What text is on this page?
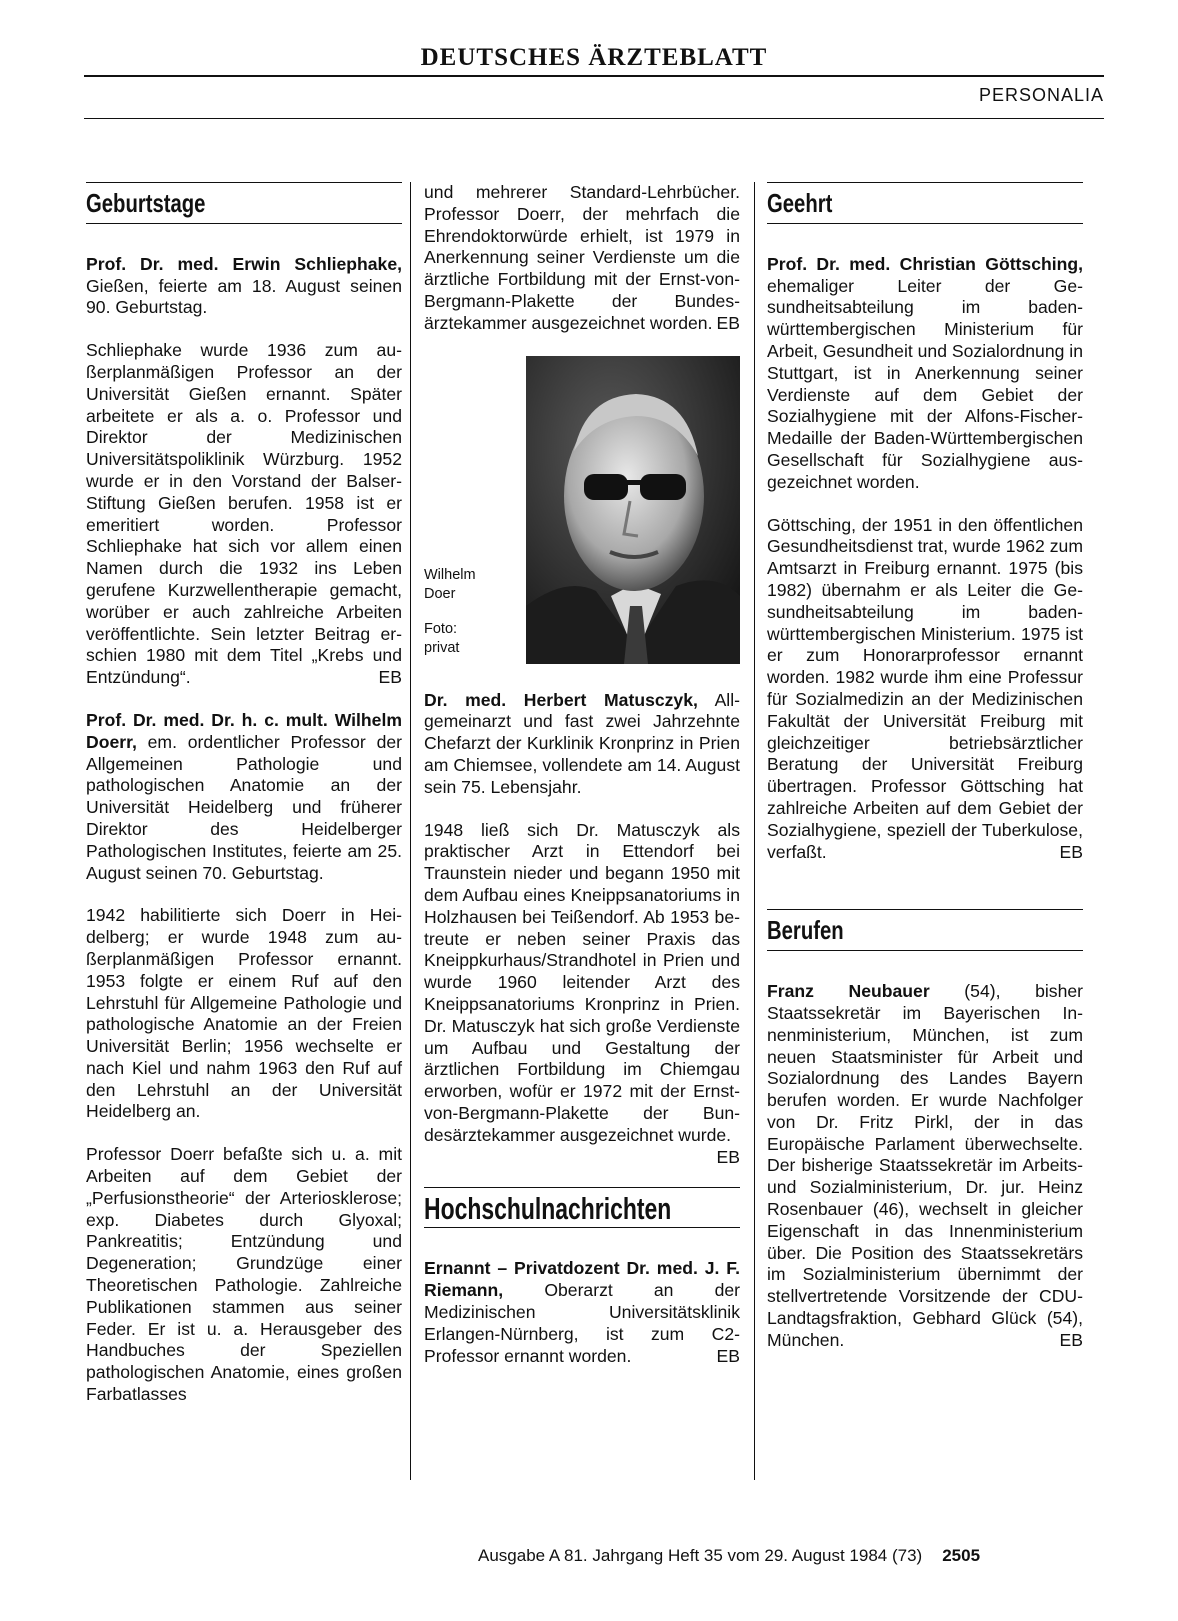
DEUTSCHES ÄRZTEBLATT
PERSONALIA
Geburtstage

Prof. Dr. med. Erwin Schliephake, Gießen, feierte am 18. August seinen 90. Geburtstag.

Schliephake wurde 1936 zum außerplanmäßigen Professor an der Universität Gießen ernannt. Später arbeitete er als a. o. Professor und Direktor der Medizinischen Universitätspoliklinik Würzburg. 1952 wurde er in den Vorstand der Balser-Stiftung Gießen berufen. 1958 ist er emeritiert worden. Professor Schliephake hat sich vor allem einen Namen durch die 1932 ins Leben gerufene Kurzwellentherapie gemacht, worüber er auch zahlreiche Arbeiten veröffentlichte. Sein letzter Beitrag erschien 1980 mit dem Titel „Krebs und Entzündung“.	EB

Prof. Dr. med. Dr. h. c. mult. Wilhelm Doerr, em. ordentlicher Professor der Allgemeinen Pathologie und pathologischen Anatomie an der Universität Heidelberg und früherer Direktor des Heidelberger Pathologischen Institutes, feierte am 25. August seinen 70. Geburtstag.

1942 habilitierte sich Doerr in Heidelberg; er wurde 1948 zum außerplanmäßigen Professor ernannt. 1953 folgte er einem Ruf auf den Lehrstuhl für Allgemeine Pathologie und pathologische Anatomie an der Freien Universität Berlin; 1956 wechselte er nach Kiel und nahm 1963 den Ruf auf den Lehrstuhl an der Universität Heidelberg an.

Professor Doerr befaßte sich u. a. mit Arbeiten auf dem Gebiet der „Perfusionstheorie“ der Arteriosklerose; exp. Diabetes durch Glyoxal; Pankreatitis; Entzündung und Degeneration; Grundzüge einer Theoretischen Pathologie. Zahlreiche Publikationen stammen aus seiner Feder. Er ist u. a. Herausgeber des Handbuches der Speziellen pathologischen Anatomie, eines großen Farbatlasses

und mehrerer Standard-Lehrbücher. Professor Doerr, der mehrfach die Ehrendoktorwürde erhielt, ist 1979 in Anerkennung seiner Verdienste um die ärztliche Fortbildung mit der Ernst-von-Bergmann-Plakette der Bundesärztekammer ausgezeichnet worden. EB

Wilhelm
Doer
Foto:
privat

Dr. med. Herbert Matusczyk, Allgemeinarzt und fast zwei Jahrzehnte Chefarzt der Kurklinik Kronprinz in Prien am Chiemsee, vollendete am 14. August sein 75. Lebensjahr.

1948 ließ sich Dr. Matusczyk als praktischer Arzt in Ettendorf bei Traunstein nieder und begann 1950 mit dem Aufbau eines Kneippsanatoriums in Holzhausen bei Teißendorf. Ab 1953 betreute er neben seiner Praxis das Kneippkurhaus/Strandhotel in Prien und wurde 1960 leitender Arzt des Kneippsanatoriums Kronprinz in Prien. Dr. Matusczyk hat sich große Verdienste um Aufbau und Gestaltung der ärztlichen Fortbildung im Chiemgau erworben, wofür er 1972 mit der Ernst-von-Bergmann-Plakette der Bundesärztekammer ausgezeichnet wurde.
EB

Hochschulnachrichten

Ernannt – Privatdozent Dr. med. J. F. Riemann, Oberarzt an der Medizinischen Universitätsklinik Erlangen-Nürnberg, ist zum C2-Professor ernannt worden.	EB

Geehrt

Prof. Dr. med. Christian Göttsching, ehemaliger Leiter der Gesundheitsabteilung im baden-württembergischen Ministerium für Arbeit, Gesundheit und Sozialordnung in Stuttgart, ist in Anerkennung seiner Verdienste auf dem Gebiet der Sozialhygiene mit der Alfons-Fischer-Medaille der Baden-Württembergischen Gesellschaft für Sozialhygiene ausgezeichnet worden.

Göttsching, der 1951 in den öffentlichen Gesundheitsdienst trat, wurde 1962 zum Amtsarzt in Freiburg ernannt. 1975 (bis 1982) übernahm er als Leiter die Gesundheitsabteilung im baden-württembergischen Ministerium. 1975 ist er zum Honorarprofessor ernannt worden. 1982 wurde ihm eine Professur für Sozialmedizin an der Medizinischen Fakultät der Universität Freiburg mit gleichzeitiger betriebsärztlicher Beratung der Universität Freiburg übertragen. Professor Göttsching hat zahlreiche Arbeiten auf dem Gebiet der Sozialhygiene, speziell der Tuberkulose, verfaßt.	EB

Berufen

Franz Neubauer (54), bisher Staatssekretär im Bayerischen Innenministerium, München, ist zum neuen Staatsminister für Arbeit und Sozialordnung des Landes Bayern berufen worden. Er wurde Nachfolger von Dr. Fritz Pirkl, der in das Europäische Parlament überwechselte. Der bisherige Staatssekretär im Arbeits- und Sozialministerium, Dr. jur. Heinz Rosenbauer (46), wechselt in gleicher Eigenschaft in das Innenministerium über. Die Position des Staatssekretärs im Sozialministerium übernimmt der stellvertretende Vorsitzende der CDU-Landtagsfraktion, Gebhard Glück (54), München.	EB

Ausgabe A 81. Jahrgang Heft 35 vom 29. August 1984 (73) 2505
